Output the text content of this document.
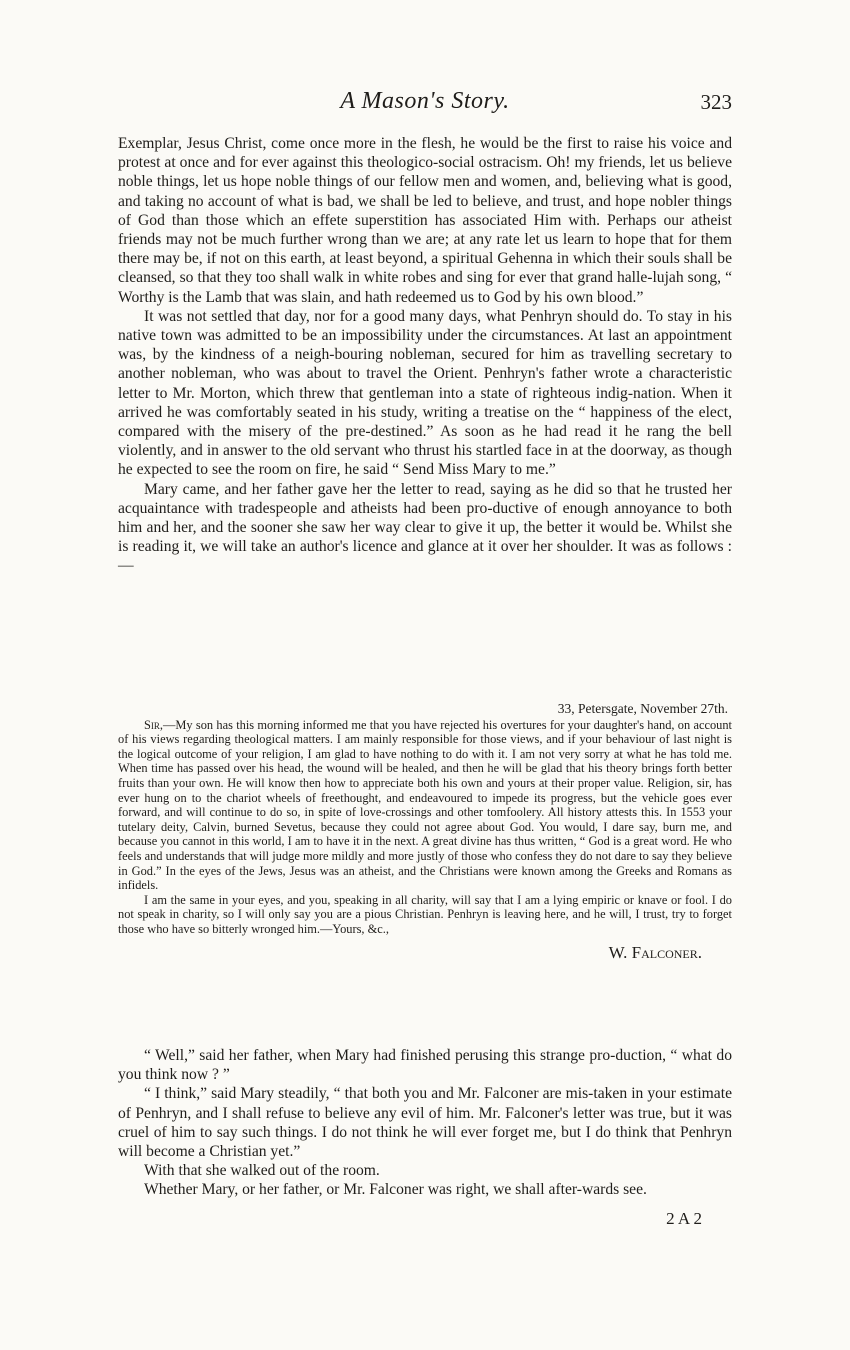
A Mason's Story.	323

Exemplar, Jesus Christ, come once more in the flesh, he would be the first to raise his voice and protest at once and for ever against this theologico-social ostracism. Oh! my friends, let us believe noble things, let us hope noble things of our fellow men and women, and, believing what is good, and taking no account of what is bad, we shall be led to believe, and trust, and hope nobler things of God than those which an effete superstition has associated Him with. Perhaps our atheist friends may not be much further wrong than we are; at any rate let us learn to hope that for them there may be, if not on this earth, at least beyond, a spiritual Gehenna in which their souls shall be cleansed, so that they too shall walk in white robes and sing for ever that grand halle-lujah song, “ Worthy is the Lamb that was slain, and hath redeemed us to God by his own blood.”

It was not settled that day, nor for a good many days, what Penhryn should do. To stay in his native town was admitted to be an impossibility under the circumstances. At last an appointment was, by the kindness of a neigh-bouring nobleman, secured for him as travelling secretary to another nobleman, who was about to travel the Orient. Penhryn's father wrote a characteristic letter to Mr. Morton, which threw that gentleman into a state of righteous indig-nation. When it arrived he was comfortably seated in his study, writing a treatise on the “ happiness of the elect, compared with the misery of the pre-destined.” As soon as he had read it he rang the bell violently, and in answer to the old servant who thrust his startled face in at the doorway, as though he expected to see the room on fire, he said “ Send Miss Mary to me.”

Mary came, and her father gave her the letter to read, saying as he did so that he trusted her acquaintance with tradespeople and atheists had been pro-ductive of enough annoyance to both him and her, and the sooner she saw her way clear to give it up, the better it would be. Whilst she is reading it, we will take an author's licence and glance at it over her shoulder. It was as follows :—

33, Petersgate, November 27th.

Sir,—My son has this morning informed me that you have rejected his overtures for your daughter's hand, on account of his views regarding theological matters. I am mainly responsible for those views, and if your behaviour of last night is the logical outcome of your religion, I am glad to have nothing to do with it. I am not very sorry at what he has told me. When time has passed over his head, the wound will be healed, and then he will be glad that his theory brings forth better fruits than your own. He will know then how to appreciate both his own and yours at their proper value. Religion, sir, has ever hung on to the chariot wheels of freethought, and endeavoured to impede its progress, but the vehicle goes ever forward, and will continue to do so, in spite of love-crossings and other tomfoolery. All history attests this. In 1553 your tutelary deity, Calvin, burned Sevetus, because they could not agree about God. You would, I dare say, burn me, and because you cannot in this world, I am to have it in the next. A great divine has thus written, “ God is a great word. He who feels and understands that will judge more mildly and more justly of those who confess they do not dare to say they believe in God.” In the eyes of the Jews, Jesus was an atheist, and the Christians were known among the Greeks and Romans as infidels.

I am the same in your eyes, and you, speaking in all charity, will say that I am a lying empiric or knave or fool. I do not speak in charity, so I will only say you are a pious Christian. Penhryn is leaving here, and he will, I trust, try to forget those who have so bitterly wronged him.—Yours, &c.,

W. Falconer.

“ Well,” said her father, when Mary had finished perusing this strange pro-duction, “ what do you think now ? ”

“ I think,” said Mary steadily, “ that both you and Mr. Falconer are mis-taken in your estimate of Penhryn, and I shall refuse to believe any evil of him. Mr. Falconer's letter was true, but it was cruel of him to say such things. I do not think he will ever forget me, but I do think that Penhryn will become a Christian yet.”

With that she walked out of the room.

Whether Mary, or her father, or Mr. Falconer was right, we shall after-wards see.

2 A 2
